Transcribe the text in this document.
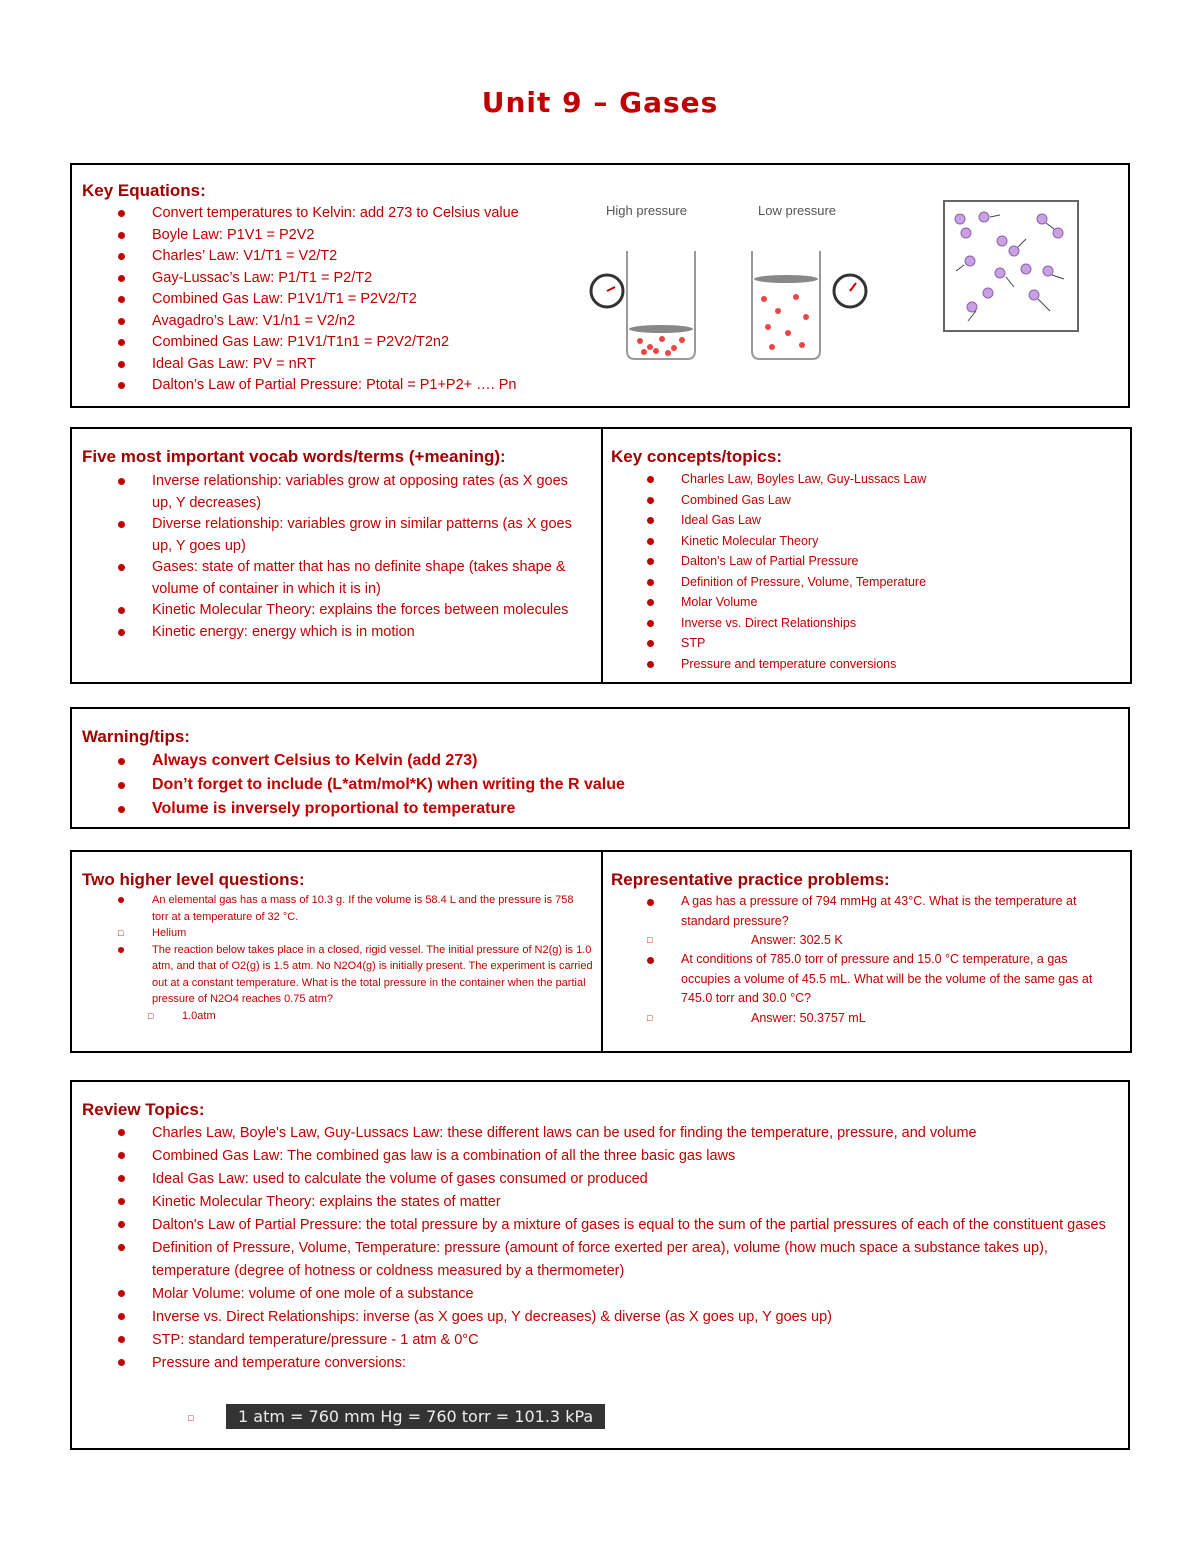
Unit 9 – Gases
Key Equations:
Convert temperatures to Kelvin: add 273 to Celsius value
Boyle Law: P1V1 = P2V2
Charles’ Law: V1/T1 = V2/T2
Gay-Lussac’s Law: P1/T1 = P2/T2
Combined Gas Law: P1V1/T1 = P2V2/T2
Avagadro’s Law: V1/n1 = V2/n2
Combined Gas Law: P1V1/T1n1 = P2V2/T2n2
Ideal Gas Law: PV = nRT
Dalton’s Law of Partial Pressure: Ptotal = P1+P2+ …. Pn
High pressure	Low pressure
Five most important vocab words/terms (+meaning):
Inverse relationship: variables grow at opposing rates (as X goes up, Y decreases)
Diverse relationship: variables grow in similar patterns (as X goes up, Y goes up)
Gases: state of matter that has no definite shape (takes shape & volume of container in which it is in)
Kinetic Molecular Theory: explains the forces between molecules
Kinetic energy: energy which is in motion
Key concepts/topics:
Charles Law, Boyles Law, Guy-Lussacs Law
Combined Gas Law
Ideal Gas Law
Kinetic Molecular Theory
Dalton's Law of Partial Pressure
Definition of Pressure, Volume, Temperature
Molar Volume
Inverse vs. Direct Relationships
STP
Pressure and temperature conversions
Warning/tips:
Always convert Celsius to Kelvin (add 273)
Don’t forget to include (L*atm/mol*K) when writing the R value
Volume is inversely proportional to temperature
Two higher level questions:
An elemental gas has a mass of 10.3 g. If the volume is 58.4 L and the pressure is 758 torr at a temperature of 32 °C.
□ Helium
The reaction below takes place in a closed, rigid vessel. The initial pressure of N2(g) is 1.0 atm, and that of O2(g) is 1.5 atm. No N2O4(g) is initially present. The experiment is carried out at a constant temperature. What is the total pressure in the container when the partial pressure of N2O4 reaches 0.75 atm?
□ 1.0atm
Representative practice problems:
A gas has a pressure of 794 mmHg at 43°C. What is the temperature at standard pressure?
□ Answer: 302.5 K
At conditions of 785.0 torr of pressure and 15.0 °C temperature, a gas occupies a volume of 45.5 mL. What will be the volume of the same gas at 745.0 torr and 30.0 °C?
□ Answer: 50.3757 mL
Review Topics:
Charles Law, Boyle's Law, Guy-Lussacs Law: these different laws can be used for finding the temperature, pressure, and volume
Combined Gas Law: The combined gas law is a combination of all the three basic gas laws
Ideal Gas Law: used to calculate the volume of gases consumed or produced
Kinetic Molecular Theory: explains the states of matter
Dalton's Law of Partial Pressure: the total pressure by a mixture of gases is equal to the sum of the partial pressures of each of the constituent gases
Definition of Pressure, Volume, Temperature: pressure (amount of force exerted per area), volume (how much space a substance takes up), temperature (degree of hotness or coldness measured by a thermometer)
Molar Volume: volume of one mole of a substance
Inverse vs. Direct Relationships: inverse (as X goes up, Y decreases) & diverse (as X goes up, Y goes up)
STP: standard temperature/pressure - 1 atm & 0°C
Pressure and temperature conversions:
□	1 atm = 760 mm Hg = 760 torr = 101.3 kPa
